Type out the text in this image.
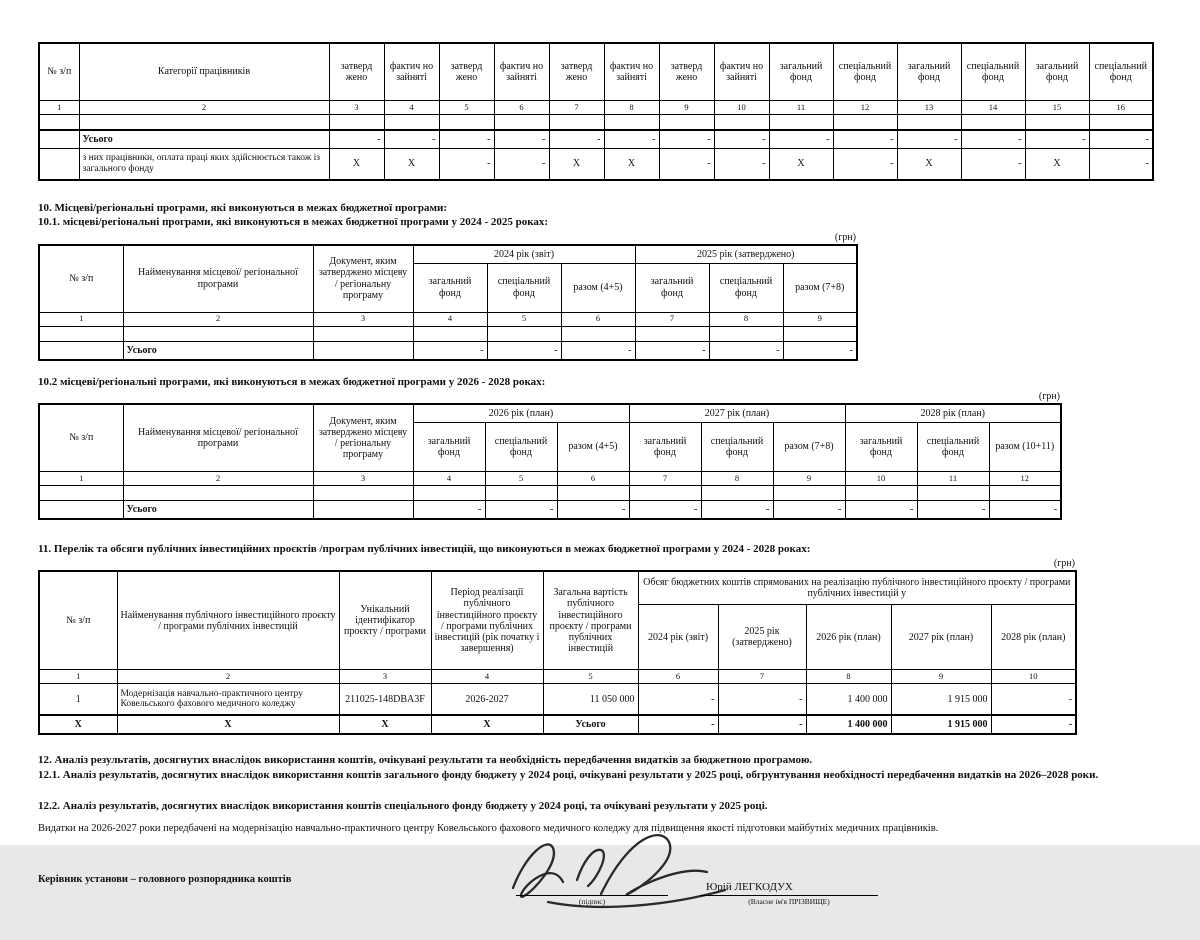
№ з/п	Категорії працівників	затверд жено	фактич но зайняті	затверд жено	фактич но зайняті	затверд жено	фактич но зайняті	затверд жено	фактич но зайняті	загальний фонд	спеціальний фонд	загальний фонд	спеціальний фонд	загальний фонд	спеціальний фонд
1	2	3	4	5	6	7	8	9	10	11	12	13	14	15	16

	Усього	-	-	-	-	-	-	-	-	-	-	-	-	-	-
	з них працівники, оплата праці яких здійснюється також із загального фонду	X	X	-	-	X	X	-	-	X	-	X	-	X	-
10. Місцеві/регіональні програми, які виконуються в межах бюджетної програми:
10.1. місцеві/регіональні програми, які виконуються в межах бюджетної програми у 2024 - 2025 роках:
(грн)
№ з/п	Найменування місцевої/ регіональної програми	Документ, яким затверджено місцеву / регіональну програму	2024 рік (звіт)			2025 рік (затверджено)		
			загальний фонд	спеціальний фонд	разом (4+5)	загальний фонд	спеціальний фонд	разом (7+8)
1	2	3	4	5	6	7	8	9

	Усього		-	-	-	-	-	-
10.2 місцеві/регіональні програми, які виконуються в межах бюджетної програми у 2026 - 2028 роках:
(грн)
№ з/п	Найменування місцевої/ регіональної програми	Документ, яким затверджено місцеву / регіональну програму	2026 рік (план)			2027 рік (план)			2028 рік (план)		
			загальний фонд	спеціальний фонд	разом (4+5)	загальний фонд	спеціальний фонд	разом (7+8)	загальний фонд	спеціальний фонд	разом (10+11)
1	2	3	4	5	6	7	8	9	10	11	12

	Усього		-	-	-	-	-	-	-	-	-
11. Перелік та обсяги публічних інвестиційних проєктів /програм публічних інвестицій, що виконуються в межах бюджетної програми у 2024 - 2028 роках:
(грн)
№ з/п	Найменування публічного інвестиційного проєкту / програми публічних інвестицій	Унікальний ідентифікатор проєкту / програми	Період реалізації публічного інвестиційного проєкту / програми публічних інвестицій (рік початку і завершення)	Загальна вартість публічного інвестиційного проєкту / програми публічних інвестицій	Обсяг бюджетних коштів спрямованих на реалізацію публічного інвестиційного проєкту / програми публічних інвестицій у				
					2024 рік (звіт)	2025 рік (затверджено)	2026 рік (план)	2027 рік (план)	2028 рік (план)
1	2	3	4	5	6	7	8	9	10
1	Модернізація навчально-практичного центру Ковельського фахового медичного коледжу	211025-148DBA3F	2026-2027	11 050 000	-	-	1 400 000	1 915 000	-
X	X	X	X	Усього	-	-	1 400 000	1 915 000	-
12. Аналіз результатів, досягнутих внаслідок використання коштів, очікувані результати та необхідність передбачення видатків за бюджетною програмою.
12.1. Аналіз результатів, досягнутих внаслідок використання коштів загального фонду бюджету у 2024 році, очікувані результати у 2025 році, обгрунтування необхідності передбачення видатків на 2026–2028 роки.
12.2. Аналіз результатів, досягнутих внаслідок використання коштів спеціального фонду бюджету у 2024 році, та очікувані результати у 2025 році.
Видатки на 2026-2027 роки передбачені на модернізацію навчально-практичного центру Ковельського фахового медичного коледжу для підвищення якості підготовки майбутніх медичних працівників.
Керівник установи – головного розпорядника коштів
(підпис)
Юрій ЛЕГКОДУХ
(Власне ім'я ПРІЗВИЩЕ)
